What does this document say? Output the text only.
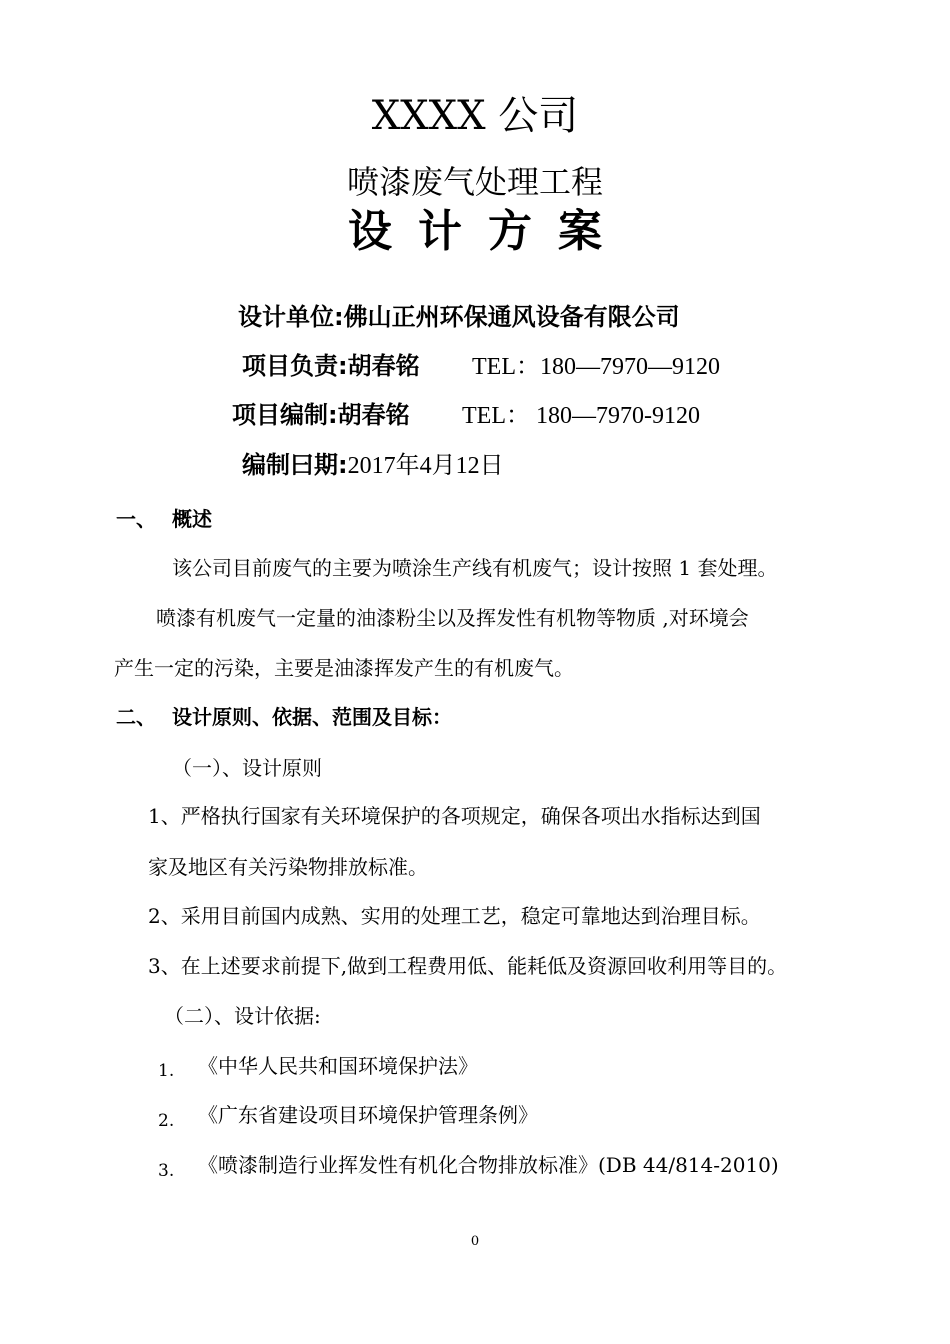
XXXX 公司
喷漆废气处理工程
设计方案
设计单位:佛山正州环保通风设备有限公司
项目负责:胡春铭 TEL：180—7970—9120
项目编制:胡春铭 TEL： 180—7970-9120
编制曰期:2017年4月12日
一、 概述
该公司目前废气的主要为喷涂生产线有机废气；设计按照 1 套处理。
喷漆有机废气一定量的油漆粉尘以及挥发性有机物等物质 ,对环境会
产生一定的污染，主要是油漆挥发产生的有机废气。
二、 设计原则、依据、范围及目标：
（一）、设计原则
1、严格执行国家有关环境保护的各项规定，确保各项出水指标达到国
家及地区有关污染物排放标准。
2、采用目前国内成熟、实用的处理工艺，稳定可靠地达到治理目标。
3、在上述要求前提下,做到工程费用低、能耗低及资源回收利用等目的。
（二）、设计依据:
1. 《中华人民共和国环境保护法》
2. 《广东省建设项目环境保护管理条例》
3. 《喷漆制造行业挥发性有机化合物排放标准》(DB 44/814-2010)
0
